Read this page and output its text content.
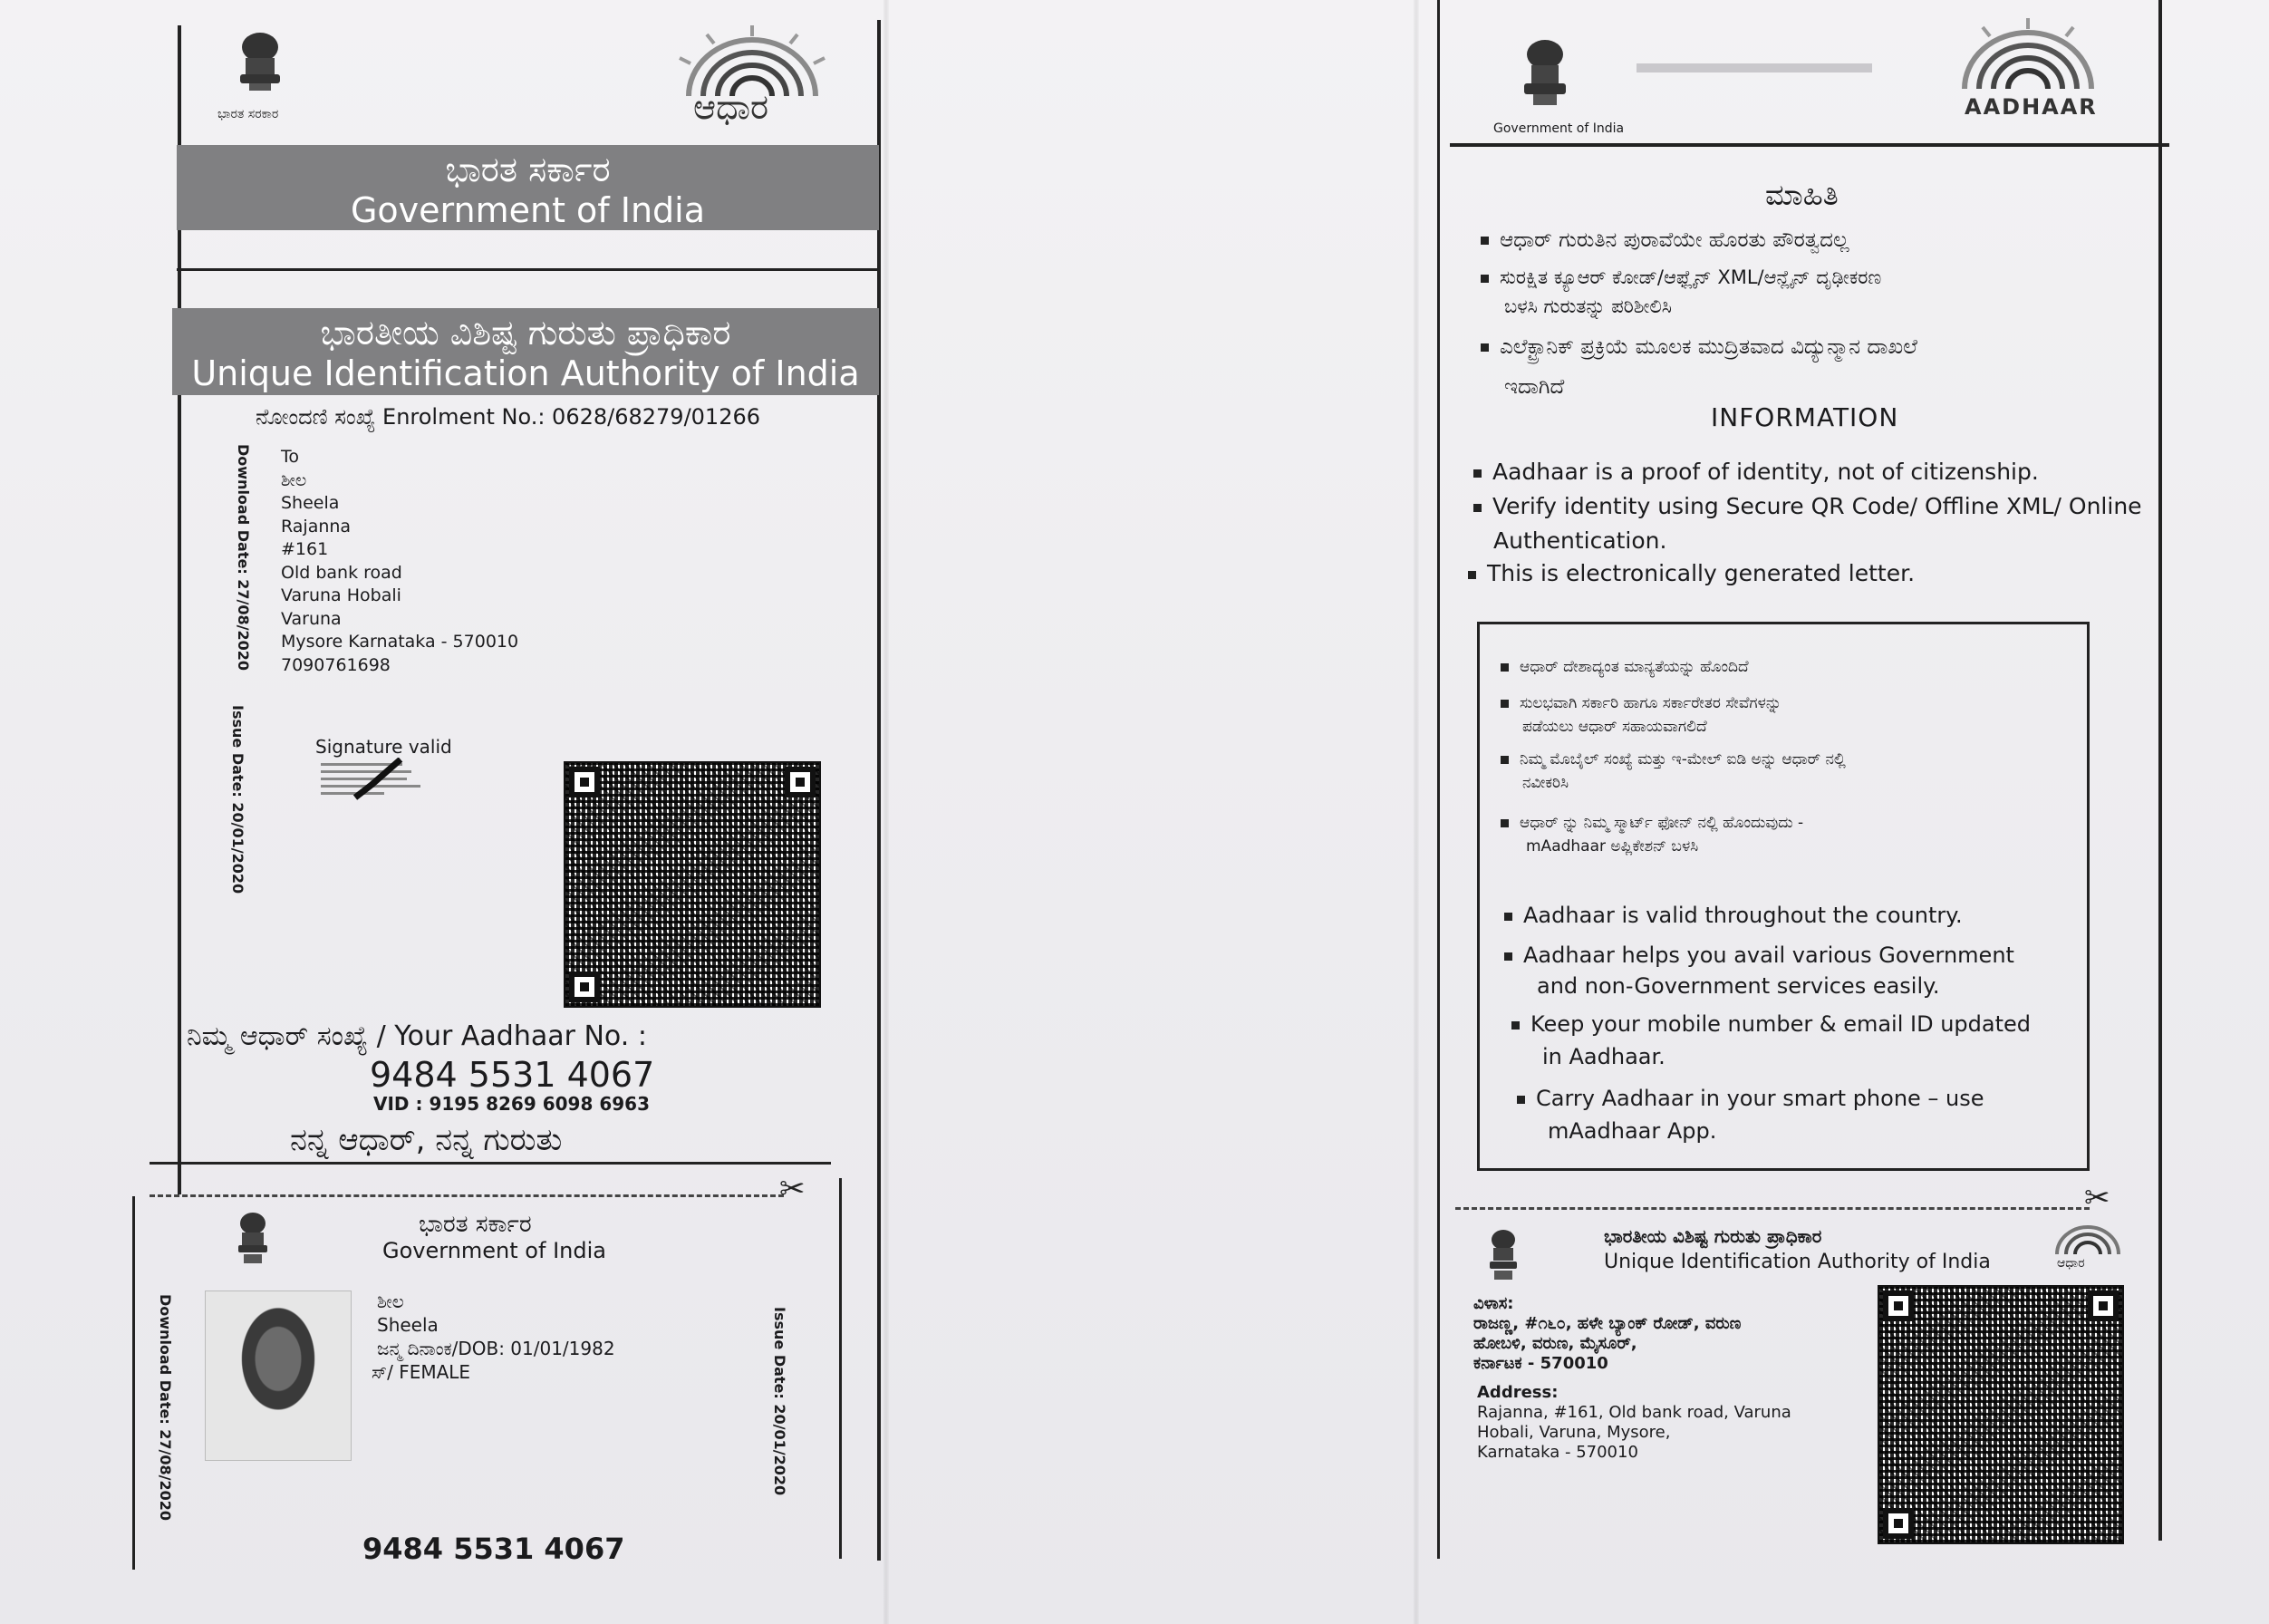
ಭಾರತ ಸರಕಾರ	ಆಧಾರ
ಭಾರತ ಸರ್ಕಾರ
Government of India
ಭಾರತೀಯ ವಿಶಿಷ್ಟ ಗುರುತು ಪ್ರಾಧಿಕಾರ
Unique Identification Authority of India
ನೋಂದಣಿ ಸಂಖ್ಯೆ Enrolment No.: 0628/68279/01266
Download Date: 27/08/2020
Issue Date: 20/01/2020
To
ಶೀಲ
Sheela
Rajanna
#161
Old bank road
Varuna Hobali
Varuna
Mysore Karnataka - 570010
7090761698
Signature valid
ನಿಮ್ಮ ಆಧಾರ್ ಸಂಖ್ಯೆ / Your Aadhaar No. :
9484 5531 4067
VID : 9195 8269 6098 6963
ನನ್ನ ಆಧಾರ್, ನನ್ನ ಗುರುತು
✂
ಭಾರತ ಸರ್ಕಾರ
Government of India
Download Date: 27/08/2020	Issue Date: 20/01/2020
ಶೀಲ
Sheela
ಜನ್ಮ ದಿನಾಂಕ/DOB: 01/01/1982
ಸ್/ FEMALE
9484 5531 4067
Government of India
AADHAAR
ಮಾಹಿತಿ
ಆಧಾರ್ ಗುರುತಿನ ಪುರಾವೆಯೇ ಹೊರತು ಪೌರತ್ವದಲ್ಲ
ಸುರಕ್ಷಿತ ಕ್ಯೂಆರ್ ಕೋಡ್/ಆಫ್ಲೈನ್ XML/ಆನ್ಲೈನ್ ದೃಢೀಕರಣ
ಬಳಸಿ ಗುರುತನ್ನು ಪರಿಶೀಲಿಸಿ
ಎಲೆಕ್ಟ್ರಾನಿಕ್ ಪ್ರಕ್ರಿಯೆ ಮೂಲಕ ಮುದ್ರಿತವಾದ ವಿದ್ಯುನ್ಮಾನ ದಾಖಲೆ
ಇದಾಗಿದೆ
INFORMATION
Aadhaar is a proof of identity, not of citizenship.
Verify identity using Secure QR Code/ Offline XML/ Online
Authentication.
This is electronically generated letter.
ಆಧಾರ್ ದೇಶಾದ್ಯಂತ ಮಾನ್ಯತೆಯನ್ನು ಹೊಂದಿದೆ
ಸುಲಭವಾಗಿ ಸರ್ಕಾರಿ ಹಾಗೂ ಸರ್ಕಾರೇತರ ಸೇವೆಗಳನ್ನು
ಪಡೆಯಲು ಆಧಾರ್ ಸಹಾಯವಾಗಲಿದೆ
ನಿಮ್ಮ ಮೊಬೈಲ್ ಸಂಖ್ಯೆ ಮತ್ತು ಇ-ಮೇಲ್ ಐಡಿ ಅನ್ನು ಆಧಾರ್ ನಲ್ಲಿ
ನವೀಕರಿಸಿ
ಆಧಾರ್ ನ್ನು ನಿಮ್ಮ ಸ್ಮಾರ್ಟ್ ಫೋನ್ ನಲ್ಲಿ ಹೊಂದುವುದು -
mAadhaar ಅಪ್ಲಿಕೇಶನ್ ಬಳಸಿ
Aadhaar is valid throughout the country.
Aadhaar helps you avail various Government
and non-Government services easily.
Keep your mobile number & email ID updated
in Aadhaar.
Carry Aadhaar in your smart phone – use
mAadhaar App.
✂
ಭಾರತೀಯ ವಿಶಿಷ್ಟ ಗುರುತು ಪ್ರಾಧಿಕಾರ
Unique Identification Authority of India	ಆಧಾರ
ವಿಳಾಸ:
ರಾಜಣ್ಣ, #೧೬೦, ಹಳೇ ಬ್ಯಾಂಕ್ ರೋಡ್, ವರುಣ
ಹೋಬಳಿ, ವರುಣ, ಮೈಸೂರ್,
ಕರ್ನಾಟಕ - 570010
Address:
Rajanna, #161, Old bank road, Varuna
Hobali, Varuna, Mysore,
Karnataka - 570010
